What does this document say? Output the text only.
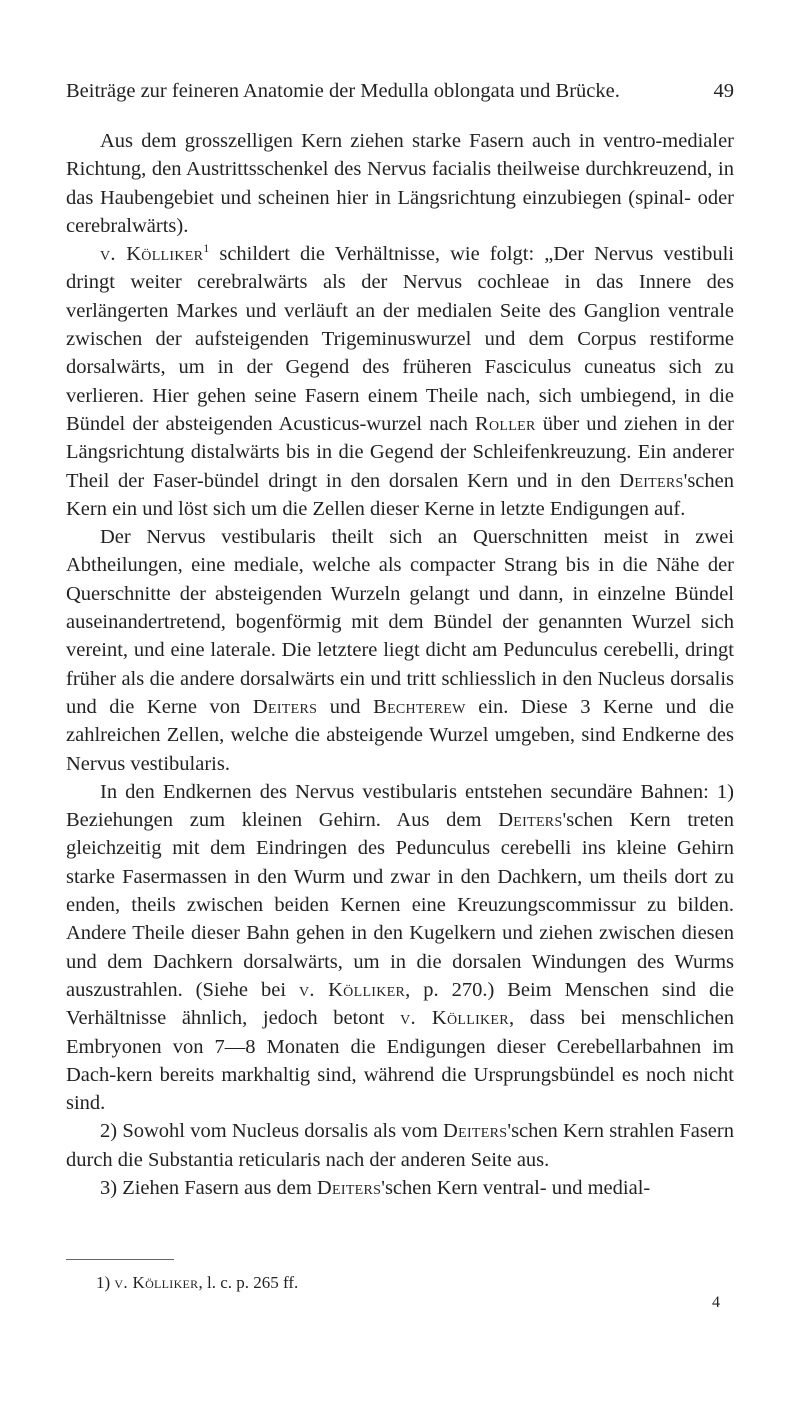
Beiträge zur feineren Anatomie der Medulla oblongata und Brücke.	49

Aus dem grosszelligen Kern ziehen starke Fasern auch in ventro-medialer Richtung, den Austrittsschenkel des Nervus facialis theilweise durchkreuzend, in das Haubengebiet und scheinen hier in Längsrichtung einzubiegen (spinal- oder cerebralwärts).

v. Kölliker$^1$ schildert die Verhältnisse, wie folgt: „Der Nervus vestibuli dringt weiter cerebralwärts als der Nervus cochleae in das Innere des verlängerten Markes und verläuft an der medialen Seite des Ganglion ventrale zwischen der aufsteigenden Trigeminuswurzel und dem Corpus restiforme dorsalwärts, um in der Gegend des früheren Fasciculus cuneatus sich zu verlieren. Hier gehen seine Fasern einem Theile nach, sich umbiegend, in die Bündel der absteigenden Acusticus-wurzel nach Roller über und ziehen in der Längsrichtung distalwärts bis in die Gegend der Schleifenkreuzung. Ein anderer Theil der Faser-bündel dringt in den dorsalen Kern und in den Deiters'schen Kern ein und löst sich um die Zellen dieser Kerne in letzte Endigungen auf.

Der Nervus vestibularis theilt sich an Querschnitten meist in zwei Abtheilungen, eine mediale, welche als compacter Strang bis in die Nähe der Querschnitte der absteigenden Wurzeln gelangt und dann, in einzelne Bündel auseinandertretend, bogenförmig mit dem Bündel der genannten Wurzel sich vereint, und eine laterale. Die letztere liegt dicht am Pedunculus cerebelli, dringt früher als die andere dorsalwärts ein und tritt schliesslich in den Nucleus dorsalis und die Kerne von Deiters und Bechterew ein. Diese 3 Kerne und die zahlreichen Zellen, welche die absteigende Wurzel umgeben, sind Endkerne des Nervus vestibularis.

In den Endkernen des Nervus vestibularis entstehen secundäre Bahnen: 1) Beziehungen zum kleinen Gehirn. Aus dem Deiters'schen Kern treten gleichzeitig mit dem Eindringen des Pedunculus cerebelli ins kleine Gehirn starke Fasermassen in den Wurm und zwar in den Dachkern, um theils dort zu enden, theils zwischen beiden Kernen eine Kreuzungscommissur zu bilden. Andere Theile dieser Bahn gehen in den Kugelkern und ziehen zwischen diesen und dem Dachkern dorsalwärts, um in die dorsalen Windungen des Wurms auszustrahlen. (Siehe bei v. Kölliker, p. 270.) Beim Menschen sind die Verhältnisse ähnlich, jedoch betont v. Kölliker, dass bei menschlichen Embryonen von 7—8 Monaten die Endigungen dieser Cerebellarbahnen im Dach-kern bereits markhaltig sind, während die Ursprungsbündel es noch nicht sind.

2) Sowohl vom Nucleus dorsalis als vom Deiters'schen Kern strahlen Fasern durch die Substantia reticularis nach der anderen Seite aus.

3) Ziehen Fasern aus dem Deiters'schen Kern ventral- und medial-

1) v. Kölliker, l. c. p. 265 ff.
4
